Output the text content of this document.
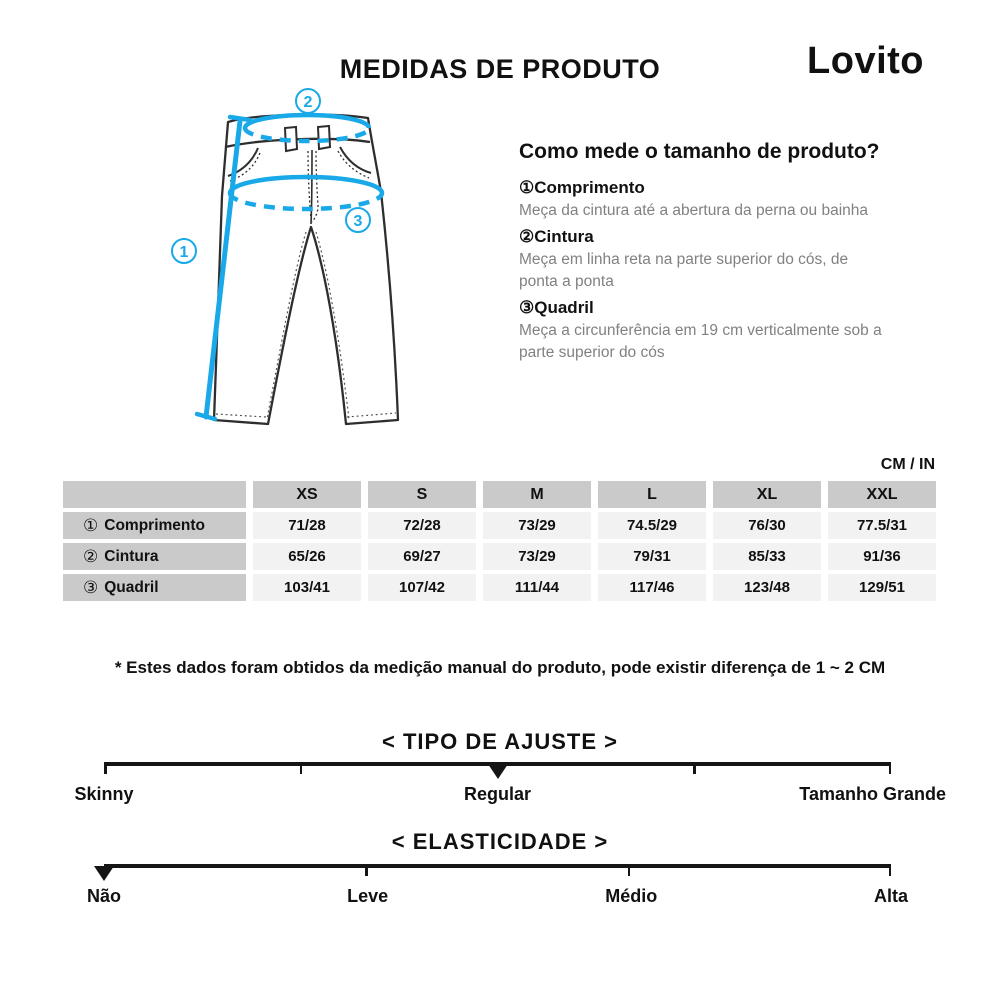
MEDIDAS DE PRODUTO	Lovito
1
2
3
Como mede o tamanho de produto?
①Comprimento
Meça da cintura até a abertura da perna ou bainha
②Cintura
Meça em linha reta na parte superior do cós, de ponta a ponta
③Quadril
Meça a circunferência em 19 cm verticalmente sob a parte superior do cós
CM / IN
XS	S	M	L	XL	XXL
① Comprimento	71/28	72/28	73/29	74.5/29	76/30	77.5/31
② Cintura	65/26	69/27	73/29	79/31	85/33	91/36
③ Quadril	103/41	107/42	111/44	117/46	123/48	129/51
* Estes dados foram obtidos da medição manual do produto, pode existir diferença de 1 ~ 2 CM
< TIPO DE AJUSTE >
Skinny	Regular	Tamanho Grande
< ELASTICIDADE >
Não	Leve	Médio	Alta
